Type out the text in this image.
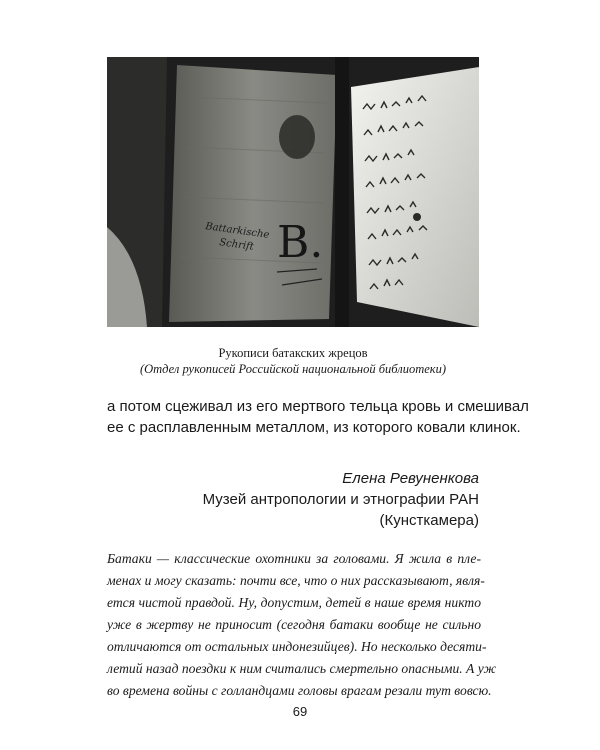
Battarkische
Schrift B.
Рукописи батакских жрецов
(Отдел рукописей Российской национальной библиотеки)
а потом сцеживал из его мертвого тельца кровь и смешивал
ее с расплавленным металлом, из которого ковали клинок.
Елена Ревуненкова
Музей антропологии и этнографии РАН
(Кунсткамера)
Батаки — классические охотники за головами. Я жила в пле-
менах и могу сказать: почти все, что о них рассказывают, явля-
ется чистой правдой. Ну, допустим, детей в наше время никто
уже в жертву не приносит (сегодня батаки вообще не сильно
отличаются от остальных индонезийцев). Но несколько десяти-
летий назад поездки к ним считались смертельно опасными. А уж
во времена войны с голландцами головы врагам резали тут вовсю.
69
